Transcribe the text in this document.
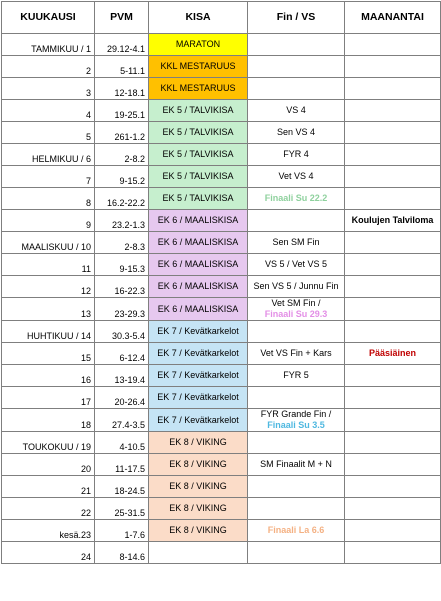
KUUKAUSI	PVM	KISA	Fin / VS	MAANANTAI
TAMMIKUU / 1	29.12-4.1	MARATON		
2	5-11.1	KKL MESTARUUS		
3	12-18.1	KKL MESTARUUS		
4	19-25.1	EK 5 / TALVIKISA	VS 4	

5	261-1.2	EK 5 / TALVIKISA	Sen VS 4	

HELMIKUU / 6	2-8.2	EK 5 / TALVIKISA	FYR 4	

7	9-15.2	EK 5 / TALVIKISA	Vet VS 4	

8	16.2-22.2	EK 5 / TALVIKISA	Finaali Su 22.2	

9	23.2-1.3	EK 6 / MAALISKISA		Koulujen Talviloma
MAALISKUU / 10	2-8.3	EK 6 / MAALISKISA	Sen SM Fin	

11	9-15.3	EK 6 / MAALISKISA	VS 5 / Vet VS 5	

12	16-22.3	EK 6 / MAALISKISA	Sen VS 5 / Junnu Fin	

13	23-29.3	EK 6 / MAALISKISA	Vet SM Fin /
Finaali Su 29.3	

HUHTIKUU / 14	30.3-5.4	EK 7 / Kevätkarkelot		
15	6-12.4	EK 7 / Kevätkarkelot	Vet VS Fin + Kars	Pääsiäinen
16	13-19.4	EK 7 / Kevätkarkelot	FYR 5	

17	20-26.4	EK 7 / Kevätkarkelot		
18	27.4-3.5	EK 7 / Kevätkarkelot	FYR Grande Fin /
Finaali Su 3.5	

TOUKOKUU / 19	4-10.5	EK 8 / VIKING		
20	11-17.5	EK 8 / VIKING	SM Finaalit M + N	

21	18-24.5	EK 8 / VIKING		
22	25-31.5	EK 8 / VIKING		
kesä.23	1-7.6	EK 8 / VIKING	Finaali La 6.6	

24	8-14.6			
